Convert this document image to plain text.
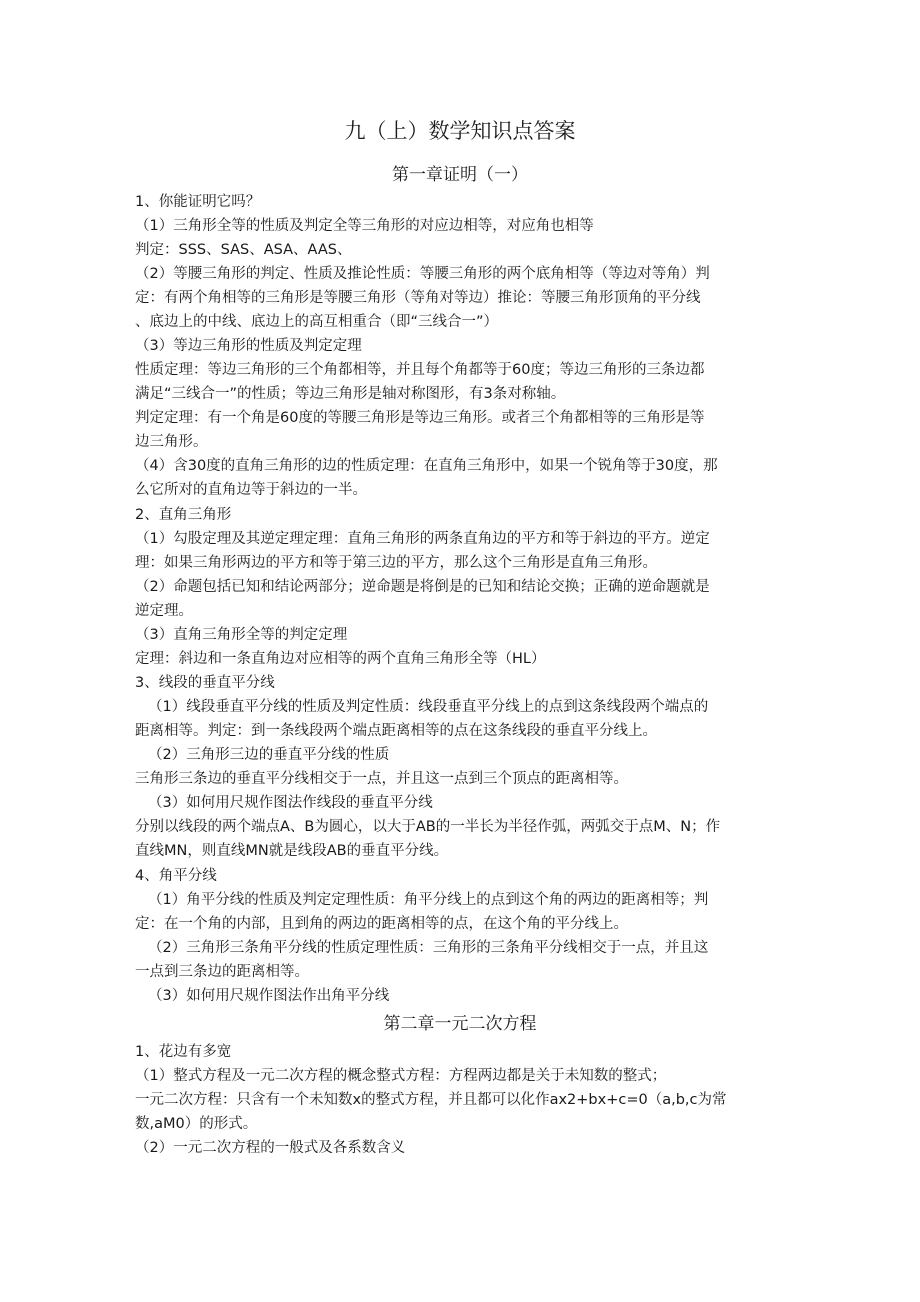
九（上）数学知识点答案
第一章证明（一）
1、你能证明它吗？
（1）三角形全等的性质及判定全等三角形的对应边相等，对应角也相等
判定：SSS、SAS、ASA、AAS、
（2）等腰三角形的判定、性质及推论性质：等腰三角形的两个底角相等（等边对等角）判
定：有两个角相等的三角形是等腰三角形（等角对等边）推论：等腰三角形顶角的平分线
、底边上的中线、底边上的高互相重合（即“三线合一”）
（3）等边三角形的性质及判定定理
性质定理：等边三角形的三个角都相等，并且每个角都等于60度；等边三角形的三条边都
满足“三线合一”的性质；等边三角形是轴对称图形，有3条对称轴。
判定定理：有一个角是60度的等腰三角形是等边三角形。或者三个角都相等的三角形是等
边三角形。
（4）含30度的直角三角形的边的性质定理：在直角三角形中，如果一个锐角等于30度，那
么它所对的直角边等于斜边的一半。
2、直角三角形
（1）勾股定理及其逆定理定理：直角三角形的两条直角边的平方和等于斜边的平方。逆定
理：如果三角形两边的平方和等于第三边的平方，那么这个三角形是直角三角形。
（2）命题包括已知和结论两部分；逆命题是将倒是的已知和结论交换；正确的逆命题就是
逆定理。
（3）直角三角形全等的判定定理
定理：斜边和一条直角边对应相等的两个直角三角形全等（HL）
3、线段的垂直平分线
（1）线段垂直平分线的性质及判定性质：线段垂直平分线上的点到这条线段两个端点的
距离相等。判定：到一条线段两个端点距离相等的点在这条线段的垂直平分线上。
（2）三角形三边的垂直平分线的性质
三角形三条边的垂直平分线相交于一点，并且这一点到三个顶点的距离相等。
（3）如何用尺规作图法作线段的垂直平分线
分别以线段的两个端点A、B为圆心，以大于AB的一半长为半径作弧，两弧交于点M、N；作
直线MN，则直线MN就是线段AB的垂直平分线。
4、角平分线
（1）角平分线的性质及判定定理性质：角平分线上的点到这个角的两边的距离相等；判
定：在一个角的内部，且到角的两边的距离相等的点，在这个角的平分线上。
（2）三角形三条角平分线的性质定理性质：三角形的三条角平分线相交于一点，并且这
一点到三条边的距离相等。
（3）如何用尺规作图法作出角平分线
第二章一元二次方程
1、花边有多宽
（1）整式方程及一元二次方程的概念整式方程：方程两边都是关于未知数的整式；
一元二次方程：只含有一个未知数x的整式方程，并且都可以化作ax2+bx+c=0（a,b,c为常
数,aM0）的形式。
（2）一元二次方程的一般式及各系数含义
